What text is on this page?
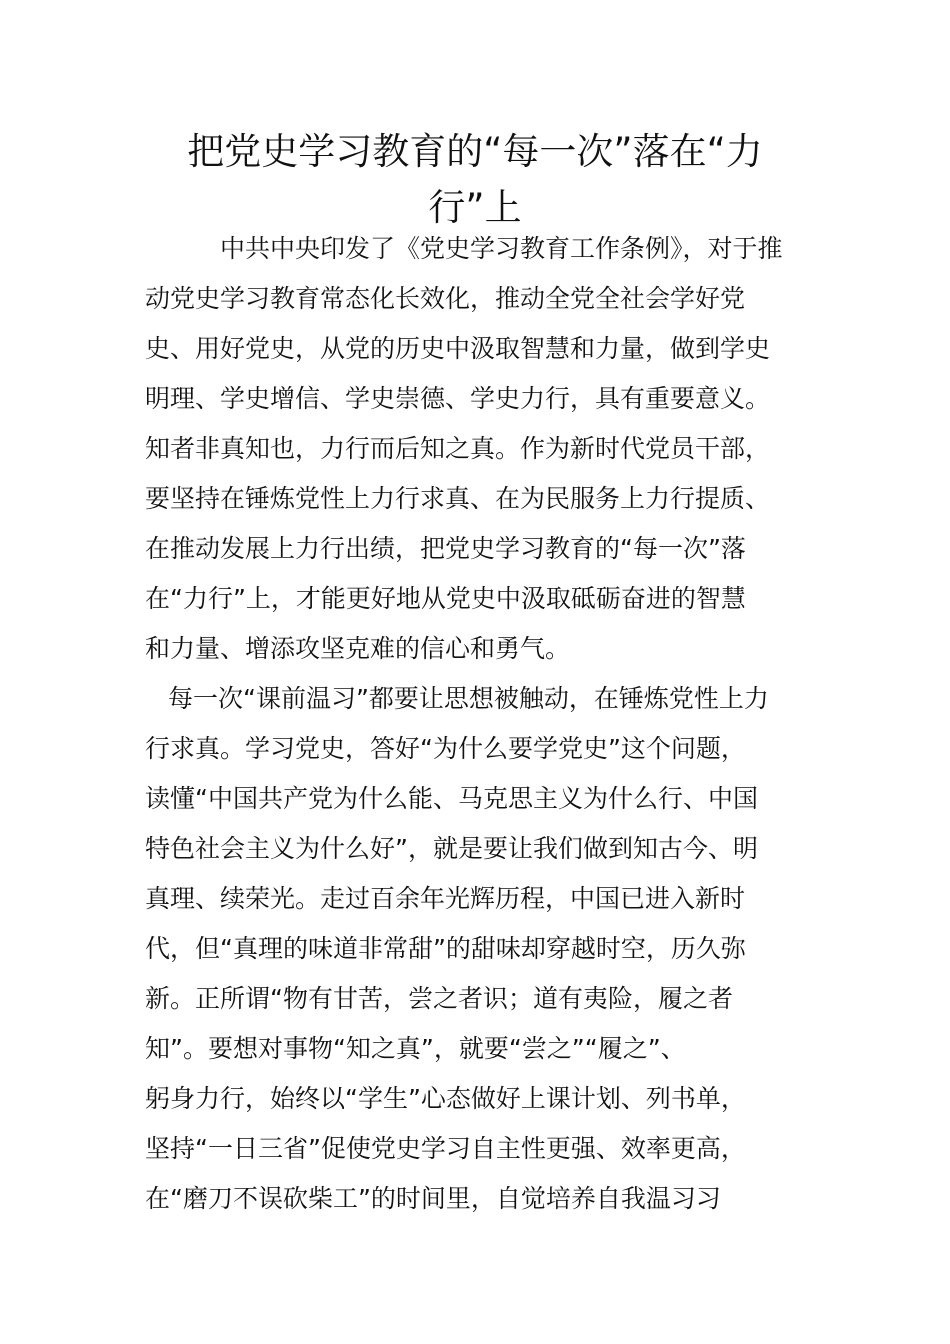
把党史学习教育的“每一次”落在“力
行”上

中共中央印发了《党史学习教育工作条例》，对于推

动党史学习教育常态化长效化，推动全党全社会学好党

史、用好党史，从党的历史中汲取智慧和力量，做到学史

明理、学史增信、学史崇德、学史力行，具有重要意义。

知者非真知也，力行而后知之真。作为新时代党员干部，

要坚持在锤炼党性上力行求真、在为民服务上力行提质、

在推动发展上力行出绩，把党史学习教育的“每一次”落

在“力行”上，才能更好地从党史中汲取砥砺奋进的智慧

和力量、增添攻坚克难的信心和勇气。

每一次“课前温习”都要让思想被触动，在锤炼党性上力

行求真。学习党史，答好“为什么要学党史”这个问题，

读懂“中国共产党为什么能、马克思主义为什么行、中国

特色社会主义为什么好”，就是要让我们做到知古今、明

真理、续荣光。走过百余年光辉历程，中国已进入新时

代，但“真理的味道非常甜”的甜味却穿越时空，历久弥

新。正所谓“物有甘苦，尝之者识；道有夷险，履之者

知”。要想对事物“知之真”，就要“尝之”“履之”、

躬身力行，始终以“学生”心态做好上课计划、列书单，

坚持“一日三省”促使党史学习自主性更强、效率更高，

在“磨刀不误砍柴工”的时间里，自觉培养自我温习习
